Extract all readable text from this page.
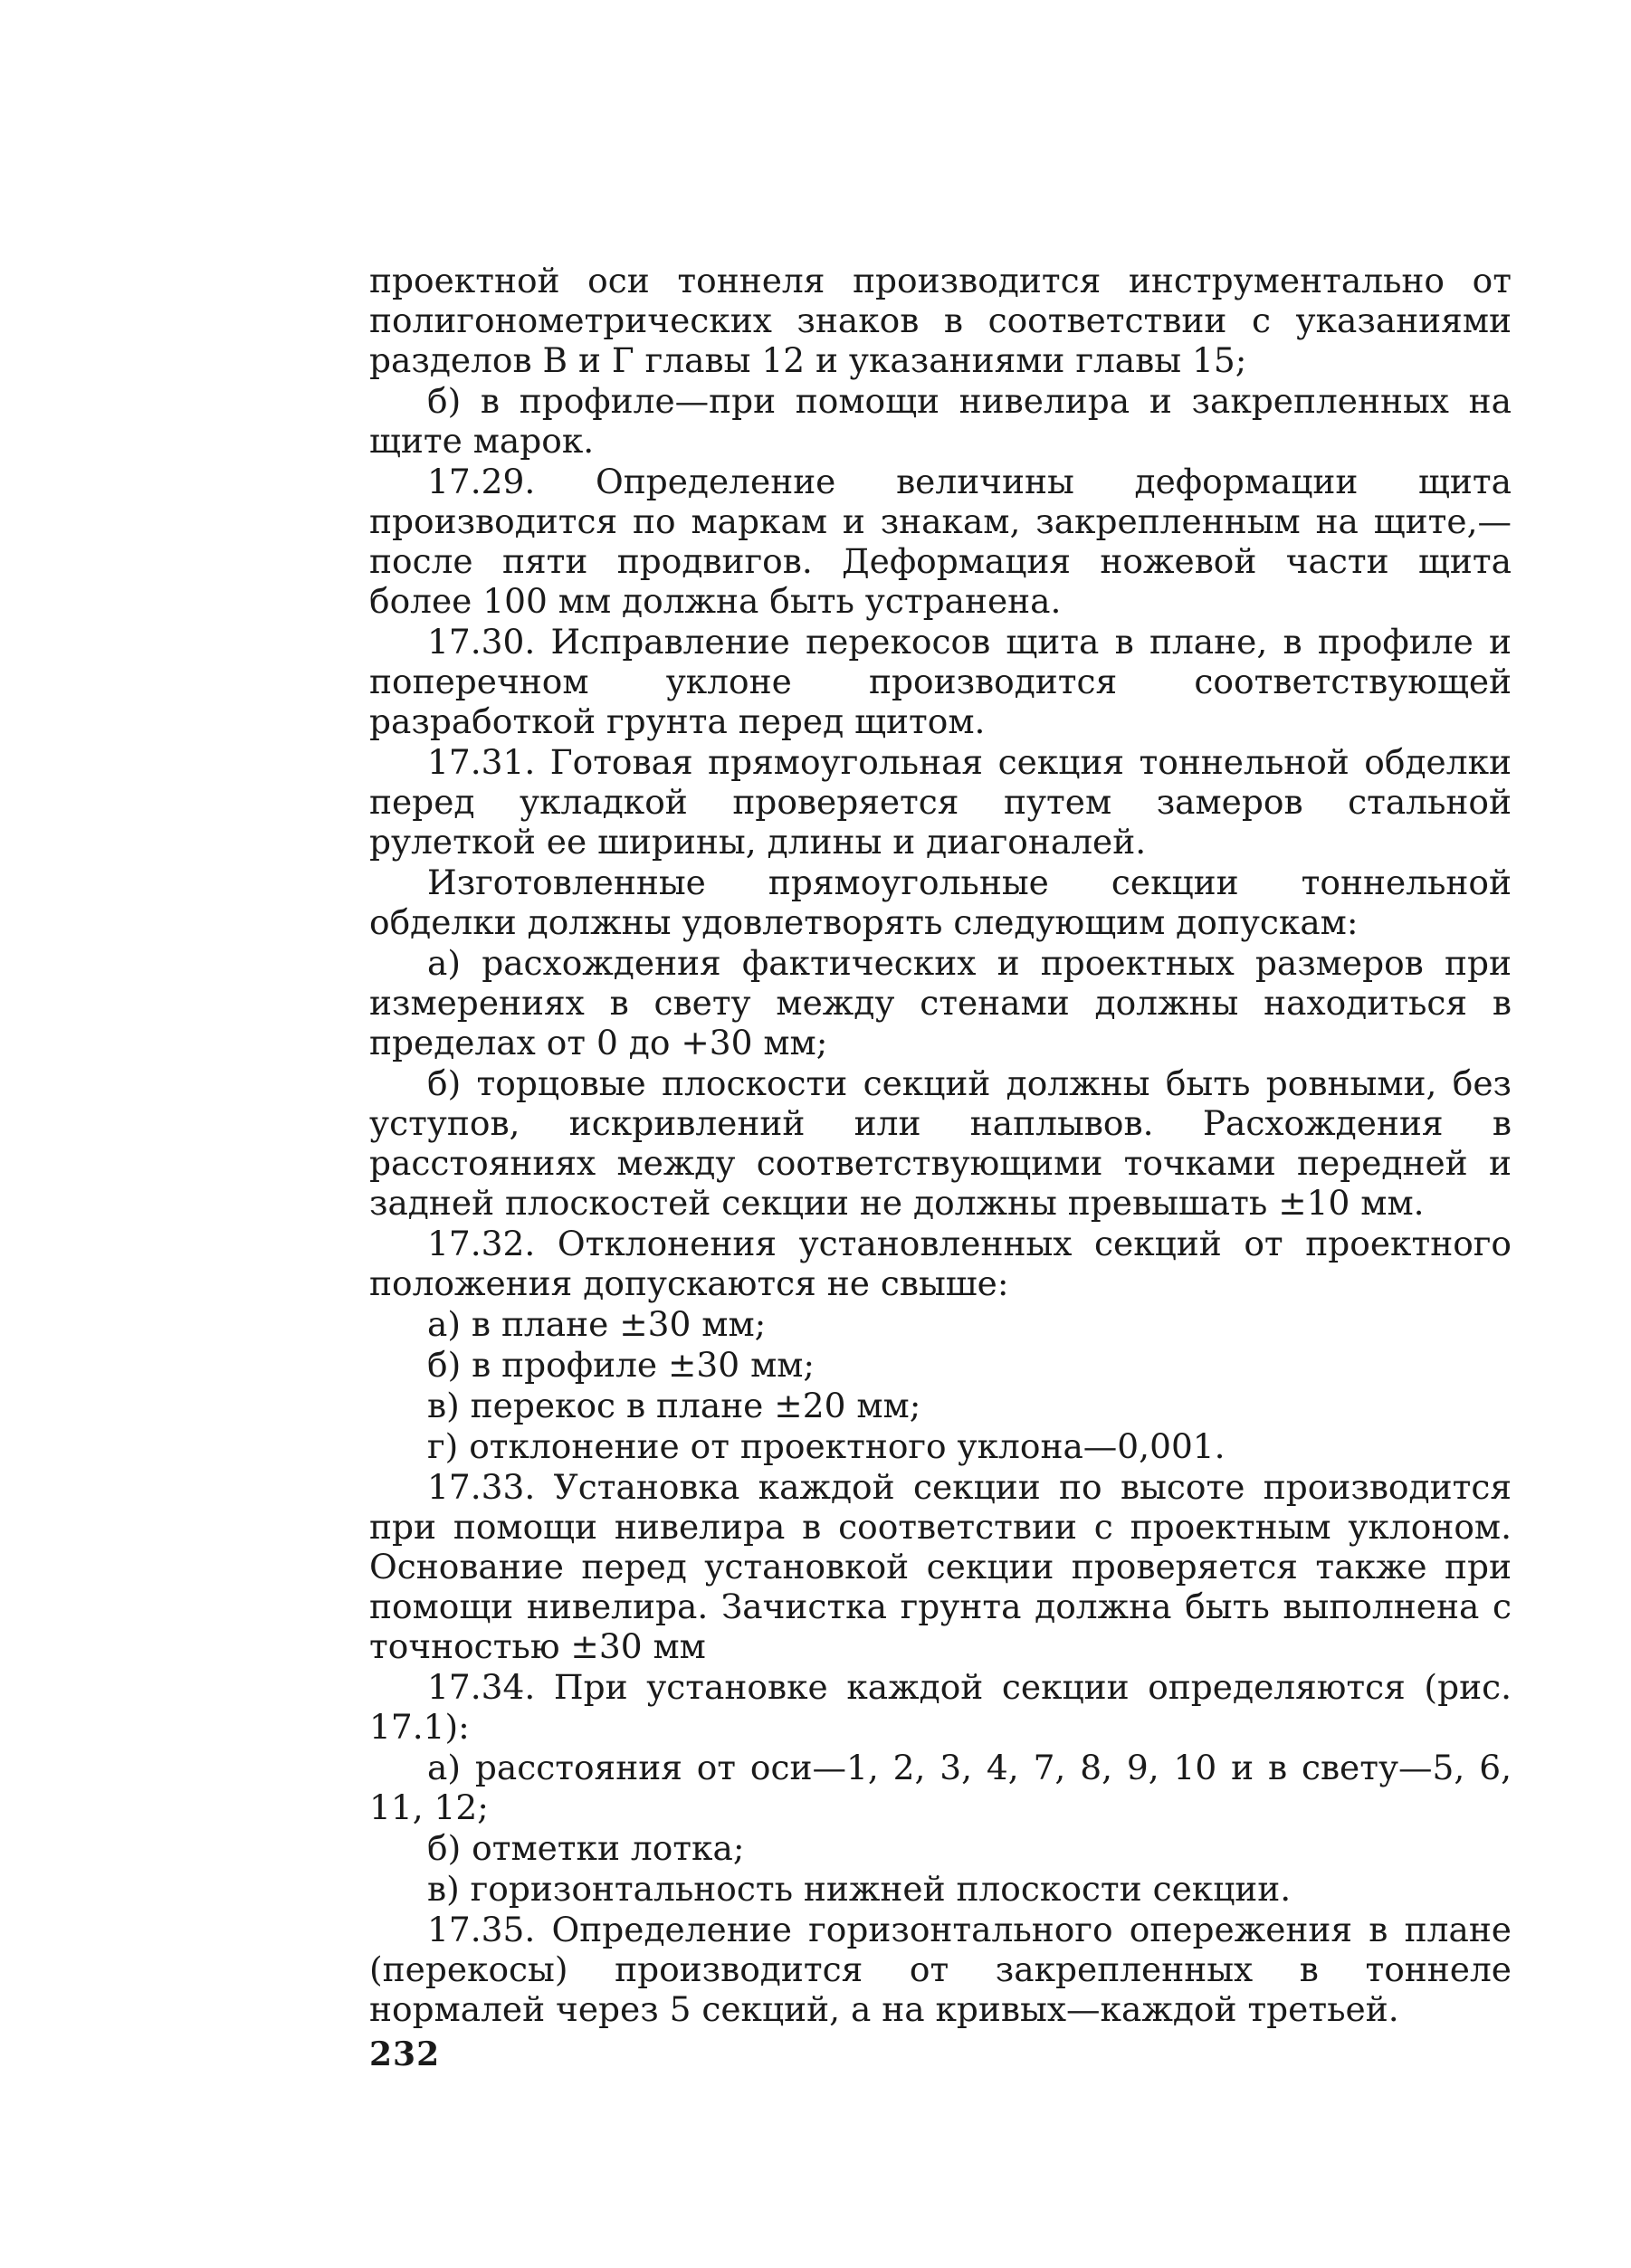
проектной оси тоннеля производится инструментально от полигонометрических знаков в соответствии с указаниями разделов В и Г главы 12 и указаниями главы 15;

б) в профиле—при помощи нивелира и закрепленных на щите марок.

17.29. Определение величины деформации щита производится по маркам и знакам, закрепленным на щите,—после пяти продвигов. Деформация ножевой части щита более 100 мм должна быть устранена.

17.30. Исправление перекосов щита в плане, в профиле и поперечном уклоне производится соответствующей разработкой грунта перед щитом.

17.31. Готовая прямоугольная секция тоннельной обделки перед укладкой проверяется путем замеров стальной рулеткой ее ширины, длины и диагоналей.

Изготовленные прямоугольные секции тоннельной обделки должны удовлетворять следующим допускам:

а) расхождения фактических и проектных размеров при измерениях в свету между стенами должны находиться в пределах от 0 до +30 мм;

б) торцовые плоскости секций должны быть ровными, без уступов, искривлений или наплывов. Расхождения в расстояниях между соответствующими точками передней и задней плоскостей секции не должны превышать ±10 мм.

17.32. Отклонения установленных секций от проектного положения допускаются не свыше:

а) в плане ±30 мм;

б) в профиле ±30 мм;

в) перекос в плане ±20 мм;

г) отклонение от проектного уклона—0,001.

17.33. Установка каждой секции по высоте производится при помощи нивелира в соответствии с проектным уклоном. Основание перед установкой секции проверяется также при помощи нивелира. Зачистка грунта должна быть выполнена с точностью ±30 мм

17.34. При установке каждой секции определяются (рис. 17.1):

а) расстояния от оси—1, 2, 3, 4, 7, 8, 9, 10 и в свету—5, 6, 11, 12;

б) отметки лотка;

в) горизонтальность нижней плоскости секции.

17.35. Определение горизонтального опережения в плане (перекосы) производится от закрепленных в тоннеле нормалей через 5 секций, а на кривых—каждой третьей.

232
